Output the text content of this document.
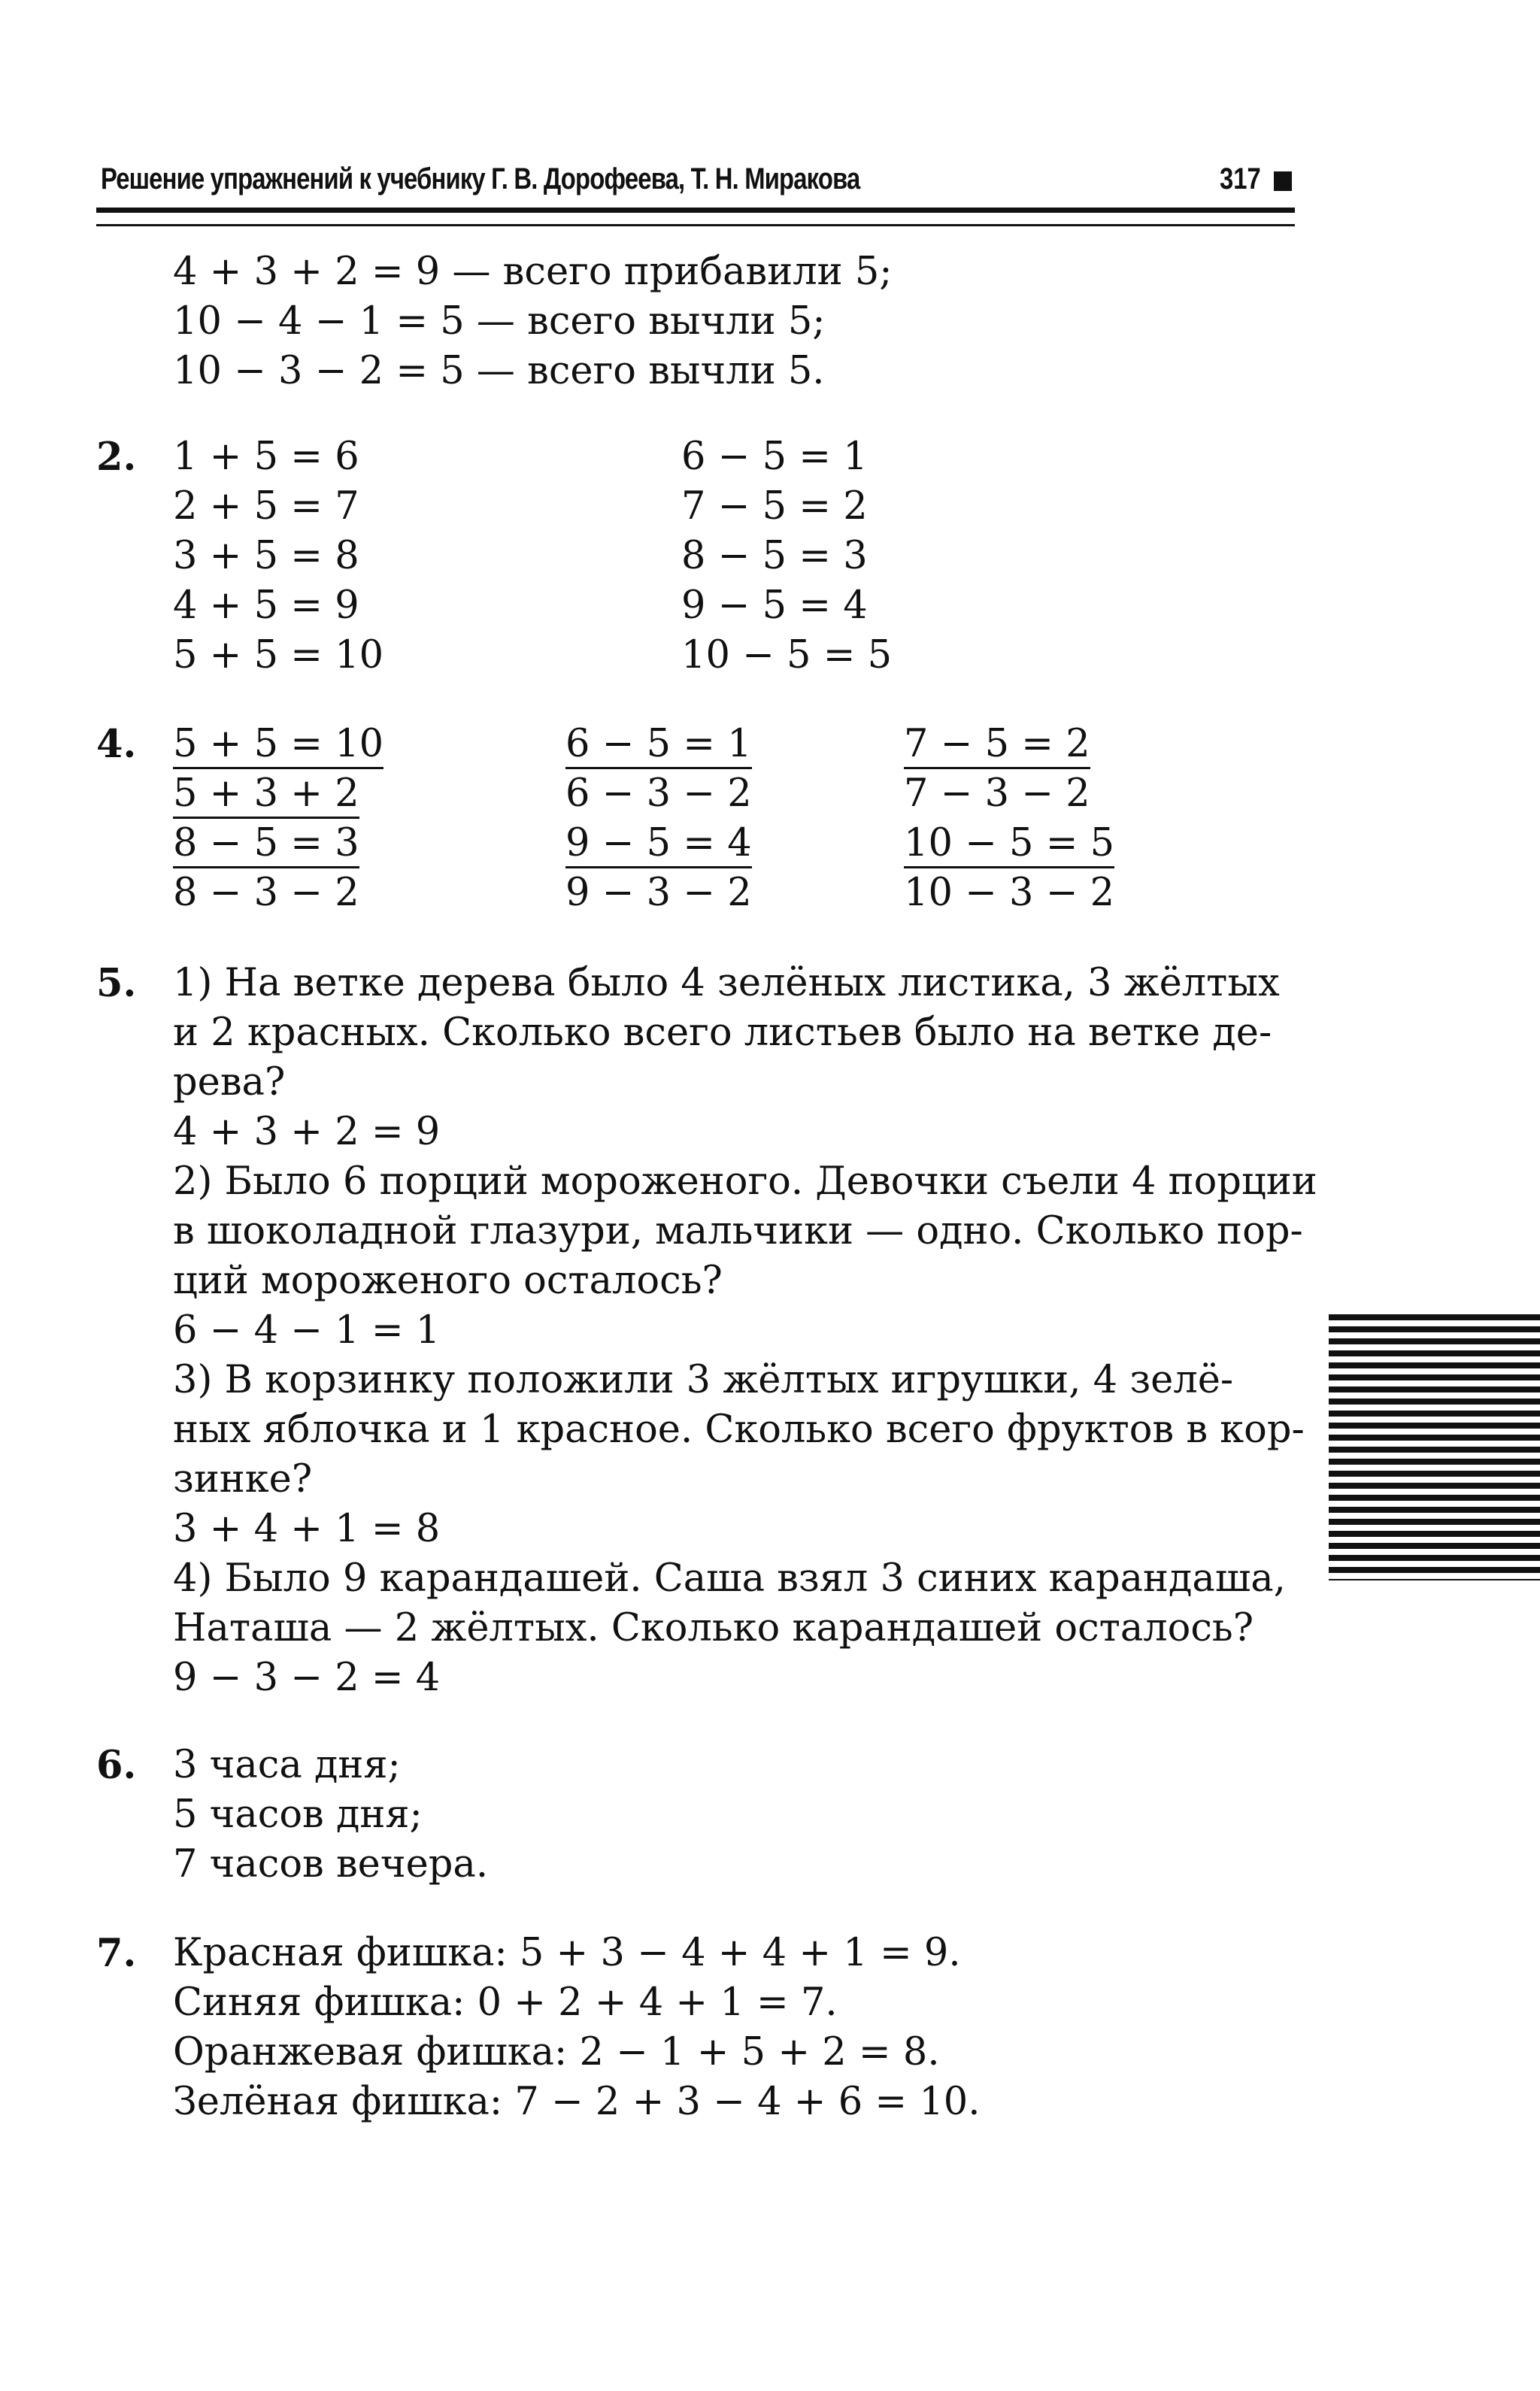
Решение упражнений к учебнику Г. В. Дорофеева, Т. Н. Миракова	317
4 + 3 + 2 = 9 — всего прибавили 5;
10 − 4 − 1 = 5 — всего вычли 5;
10 − 3 − 2 = 5 — всего вычли 5.
2. 1 + 5 = 6
2 + 5 = 7
3 + 5 = 8
4 + 5 = 9
5 + 5 = 10
6 − 5 = 1
7 − 5 = 2
8 − 5 = 3
9 − 5 = 4
10 − 5 = 5
4. 5 + 5 = 10
5 + 3 + 2
8 − 5 = 3
8 − 3 − 2
6 − 5 = 1
6 − 3 − 2
9 − 5 = 4
9 − 3 − 2
7 − 5 = 2
7 − 3 − 2
10 − 5 = 5
10 − 3 − 2
5. 1) На ветке дерева было 4 зелёных листика, 3 жёлтых
и 2 красных. Сколько всего листьев было на ветке де-
рева?
4 + 3 + 2 = 9
2) Было 6 порций мороженого. Девочки съели 4 порции
в шоколадной глазури, мальчики — одно. Сколько пор-
ций мороженого осталось?
6 − 4 − 1 = 1
3) В корзинку положили 3 жёлтых игрушки, 4 зелё-
ных яблочка и 1 красное. Сколько всего фруктов в кор-
зинке?
3 + 4 + 1 = 8
4) Было 9 карандашей. Саша взял 3 синих карандаша,
Наташа — 2 жёлтых. Сколько карандашей осталось?
9 − 3 − 2 = 4
6. 3 часа дня;
5 часов дня;
7 часов вечера.
7. Красная фишка: 5 + 3 − 4 + 4 + 1 = 9.
Синяя фишка: 0 + 2 + 4 + 1 = 7.
Оранжевая фишка: 2 − 1 + 5 + 2 = 8.
Зелёная фишка: 7 − 2 + 3 − 4 + 6 = 10.
